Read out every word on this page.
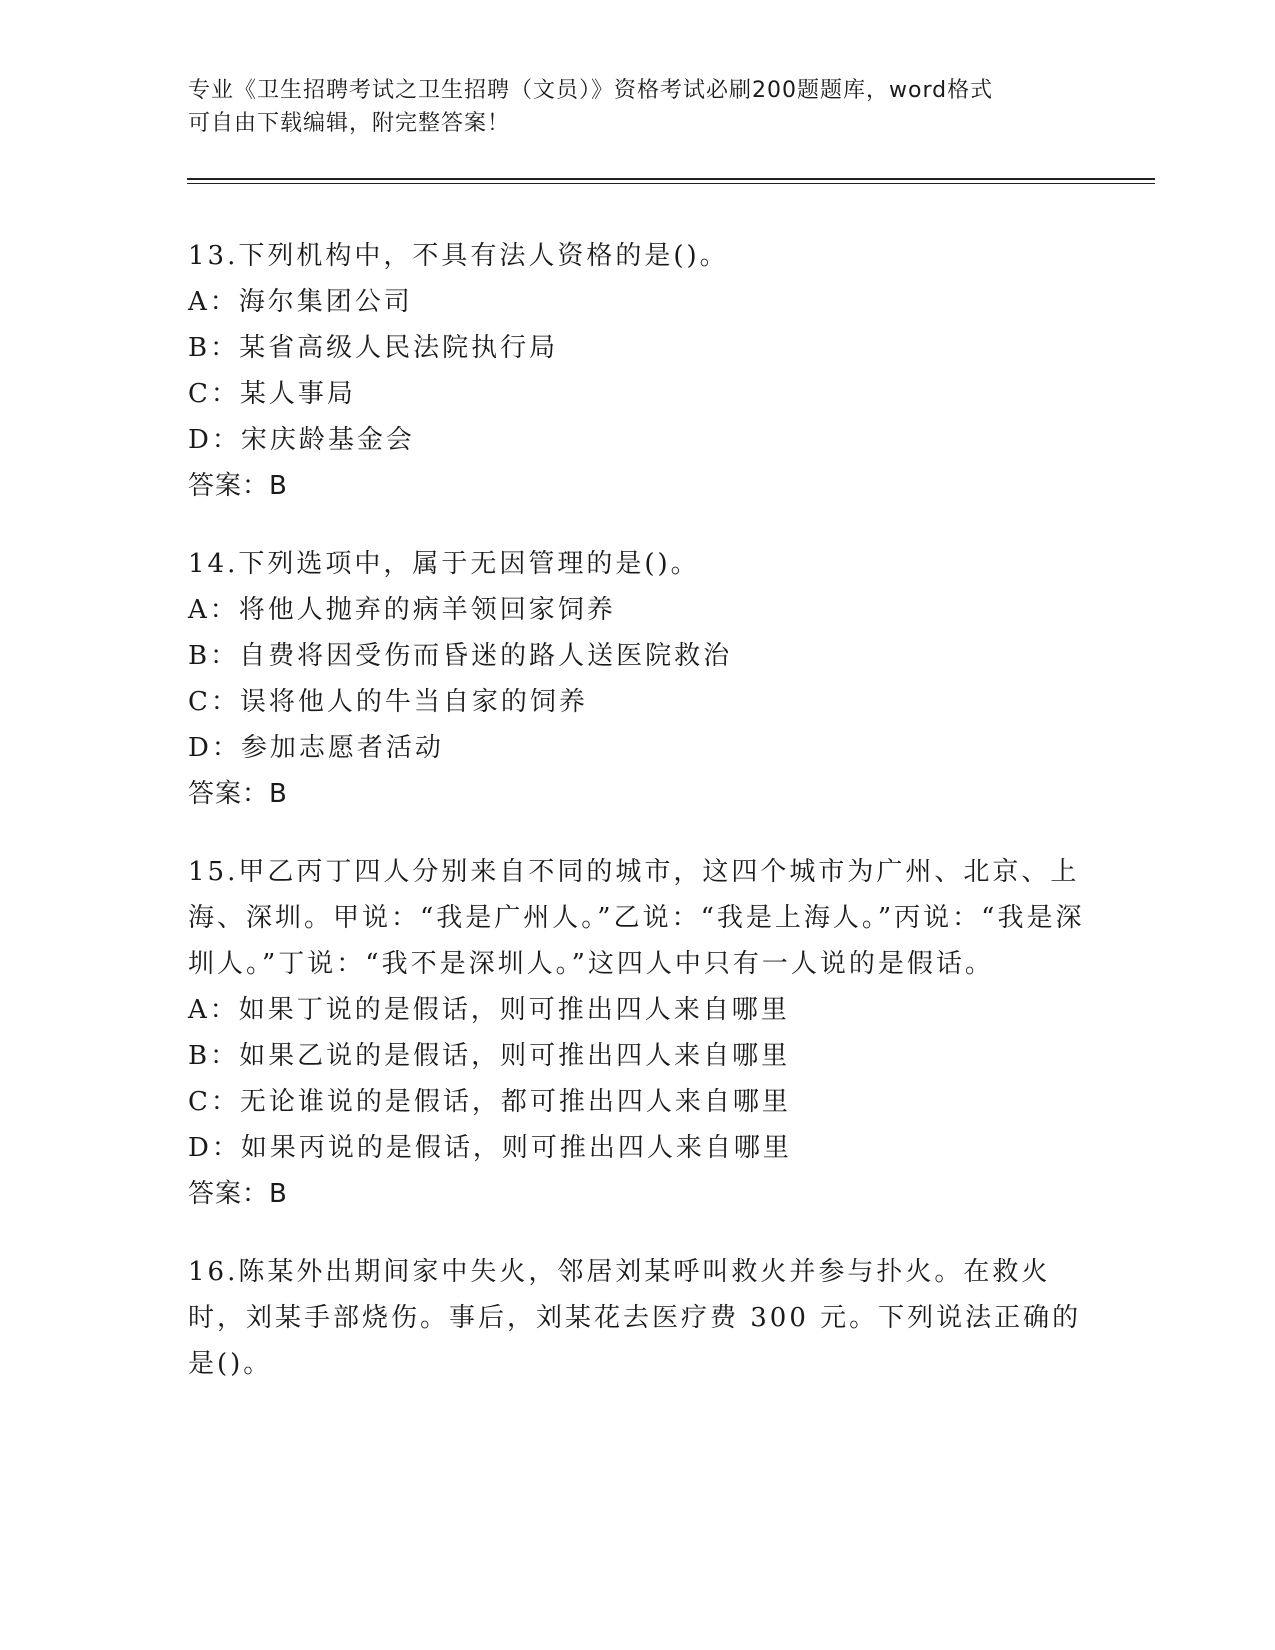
专业《卫生招聘考试之卫生招聘（文员）》资格考试必刷200题题库，word格式
可自由下载编辑，附完整答案！

13.下列机构中，不具有法人资格的是()。

A：海尔集团公司

B：某省高级人民法院执行局

C：某人事局

D：宋庆龄基金会

答案：B

14.下列选项中，属于无因管理的是()。

A：将他人抛弃的病羊领回家饲养

B：自费将因受伤而昏迷的路人送医院救治

C：误将他人的牛当自家的饲养

D：参加志愿者活动

答案：B

15.甲乙丙丁四人分别来自不同的城市，这四个城市为广州、北京、上海、深圳。甲说：“我是广州人。”乙说：“我是上海人。”丙说：“我是深圳人。”丁说：“我不是深圳人。”这四人中只有一人说的是假话。

A：如果丁说的是假话，则可推出四人来自哪里

B：如果乙说的是假话，则可推出四人来自哪里

C：无论谁说的是假话，都可推出四人来自哪里

D：如果丙说的是假话，则可推出四人来自哪里

答案：B

16.陈某外出期间家中失火，邻居刘某呼叫救火并参与扑火。在救火时，刘某手部烧伤。事后，刘某花去医疗费 300 元。下列说法正确的是()。
